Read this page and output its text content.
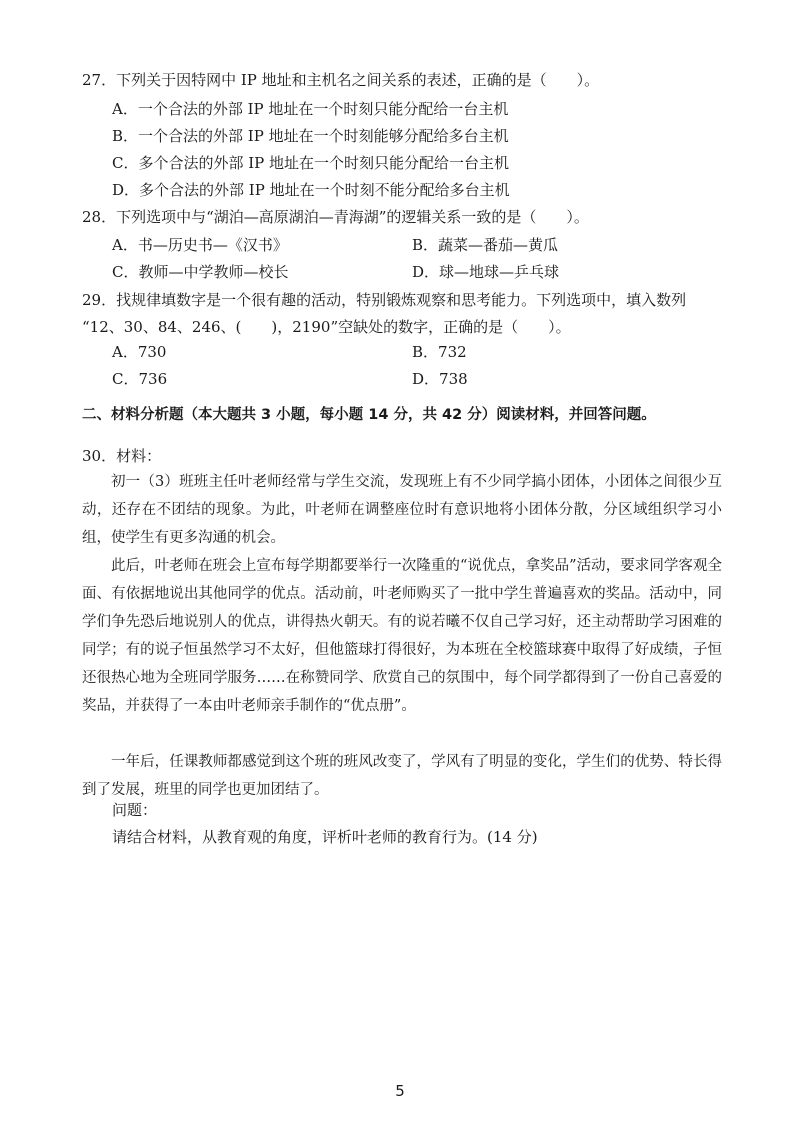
27．下列关于因特网中 IP 地址和主机名之间关系的表述，正确的是（　　）。
A．一个合法的外部 IP 地址在一个时刻只能分配给一台主机
B．一个合法的外部 IP 地址在一个时刻能够分配给多台主机
C．多个合法的外部 IP 地址在一个时刻只能分配给一台主机
D．多个合法的外部 IP 地址在一个时刻不能分配给多台主机
28．下列选项中与“湖泊—高原湖泊—青海湖”的逻辑关系一致的是（　　）。
A．书—历史书—《汉书》	B．蔬菜—番茄—黄瓜
C．教师—中学教师—校长	D．球—地球—乒乓球
29．找规律填数字是一个很有趣的活动，特别锻炼观察和思考能力。下列选项中，填入数列
“12、30、84、246、(　　)，2190”空缺处的数字，正确的是（　　）。
A．730	B．732
C．736	D．738
二、材料分析题（本大题共 3 小题，每小题 14 分，共 42 分）阅读材料，并回答问题。
30．材料：

初一（3）班班主任叶老师经常与学生交流，发现班上有不少同学搞小团体，小团体之间很少互动，还存在不团结的现象。为此，叶老师在调整座位时有意识地将小团体分散，分区域组织学习小组，使学生有更多沟通的机会。

此后，叶老师在班会上宣布每学期都要举行一次隆重的“说优点，拿奖品”活动，要求同学客观全面、有依据地说出其他同学的优点。活动前，叶老师购买了一批中学生普遍喜欢的奖品。活动中，同学们争先恐后地说别人的优点，讲得热火朝天。有的说若曦不仅自己学习好，还主动帮助学习困难的同学；有的说子恒虽然学习不太好，但他篮球打得很好，为本班在全校篮球赛中取得了好成绩，子恒还很热心地为全班同学服务……在称赞同学、欣赏自己的氛围中，每个同学都得到了一份自己喜爱的奖品，并获得了一本由叶老师亲手制作的“优点册”。

一年后，任课教师都感觉到这个班的班风改变了，学风有了明显的变化，学生们的优势、特长得到了发展，班里的同学也更加团结了。

问题：
请结合材料，从教育观的角度，评析叶老师的教育行为。(14 分)
5
